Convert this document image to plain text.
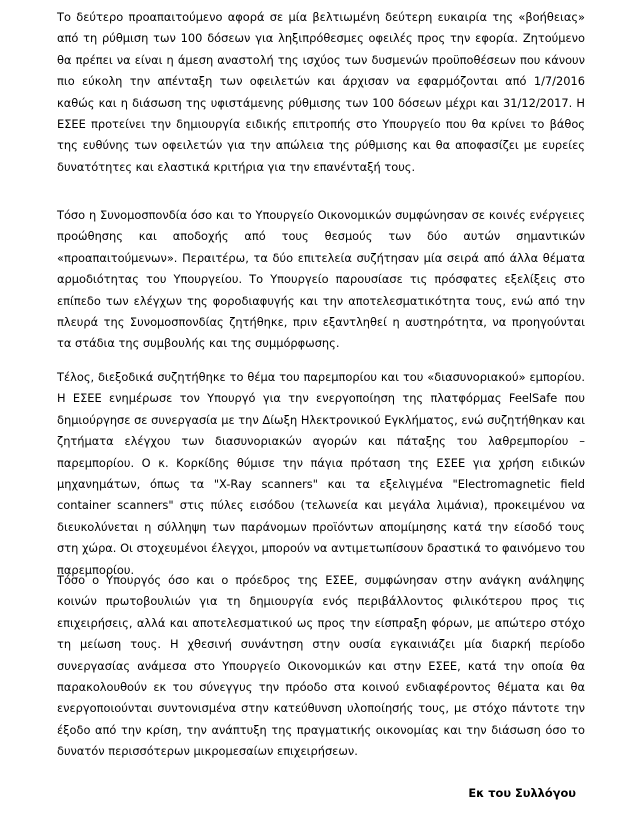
Το δεύτερο προαπαιτούμενο αφορά σε μία βελτιωμένη δεύτερη ευκαιρία της «βοήθειας» από τη ρύθμιση των 100 δόσεων για ληξιπρόθεσμες οφειλές προς την εφορία. Ζητούμενο θα πρέπει να είναι η άμεση αναστολή της ισχύος των δυσμενών προϋποθέσεων που κάνουν πιο εύκολη την απένταξη των οφειλετών και άρχισαν να εφαρμόζονται από 1/7/2016 καθώς και η διάσωση της υφιστάμενης ρύθμισης των 100 δόσεων μέχρι και 31/12/2017. Η ΕΣΕΕ προτείνει την δημιουργία ειδικής επιτροπής στο Υπουργείο που θα κρίνει το βάθος της ευθύνης των οφειλετών για την απώλεια της ρύθμισης και θα αποφασίζει με ευρείες δυνατότητες και ελαστικά κριτήρια για την επανένταξή τους.

Τόσο η Συνομοσπονδία όσο και το Υπουργείο Οικονομικών συμφώνησαν σε κοινές ενέργειες προώθησης και αποδοχής από τους θεσμούς των δύο αυτών σημαντικών «προαπαιτούμενων». Περαιτέρω, τα δύο επιτελεία συζήτησαν μία σειρά από άλλα θέματα αρμοδιότητας του Υπουργείου. Το Υπουργείο παρουσίασε τις πρόσφατες εξελίξεις στο επίπεδο των ελέγχων της φοροδιαφυγής και την αποτελεσματικότητα τους, ενώ από την πλευρά της Συνομοσπονδίας ζητήθηκε, πριν εξαντληθεί η αυστηρότητα, να προηγούνται τα στάδια της συμβουλής και της συμμόρφωσης.

Τέλος, διεξοδικά συζητήθηκε το θέμα του παρεμπορίου και του «διασυνοριακού» εμπορίου. Η ΕΣΕΕ ενημέρωσε τον Υπουργό για την ενεργοποίηση της πλατφόρμας FeelSafe που δημιούργησε σε συνεργασία με την Δίωξη Ηλεκτρονικού Εγκλήματος, ενώ συζητήθηκαν και ζητήματα ελέγχου των διασυνοριακών αγορών και πάταξης του λαθρεμπορίου – παρεμπορίου. Ο κ. Κορκίδης θύμισε την πάγια πρόταση της ΕΣΕΕ για χρήση ειδικών μηχανημάτων, όπως τα "X-Ray scanners" και τα εξελιγμένα "Electromagnetic field container scanners" στις πύλες εισόδου (τελωνεία και μεγάλα λιμάνια), προκειμένου να διευκολύνεται η σύλληψη των παράνομων προϊόντων απομίμησης κατά την είσοδό τους στη χώρα. Οι στοχευμένοι έλεγχοι, μπορούν να αντιμετωπίσουν δραστικά το φαινόμενο του παρεμπορίου.

Τόσο ο Υπουργός όσο και ο πρόεδρος της ΕΣΕΕ, συμφώνησαν στην ανάγκη ανάληψης κοινών πρωτοβουλιών για τη δημιουργία ενός περιβάλλοντος φιλικότερου προς τις επιχειρήσεις, αλλά και αποτελεσματικού ως προς την είσπραξη φόρων, με απώτερο στόχο τη μείωση τους. Η χθεσινή συνάντηση στην ουσία εγκαινιάζει μία διαρκή περίοδο συνεργασίας ανάμεσα στο Υπουργείο Οικονομικών και στην ΕΣΕΕ, κατά την οποία θα παρακολουθούν εκ του σύνεγγυς την πρόοδο στα κοινού ενδιαφέροντος θέματα και θα ενεργοποιούνται συντονισμένα στην κατεύθυνση υλοποίησής τους, με στόχο πάντοτε την έξοδο από την κρίση, την ανάπτυξη της πραγματικής οικονομίας και την διάσωση όσο το δυνατόν περισσότερων μικρομεσαίων επιχειρήσεων.

Εκ του Συλλόγου
